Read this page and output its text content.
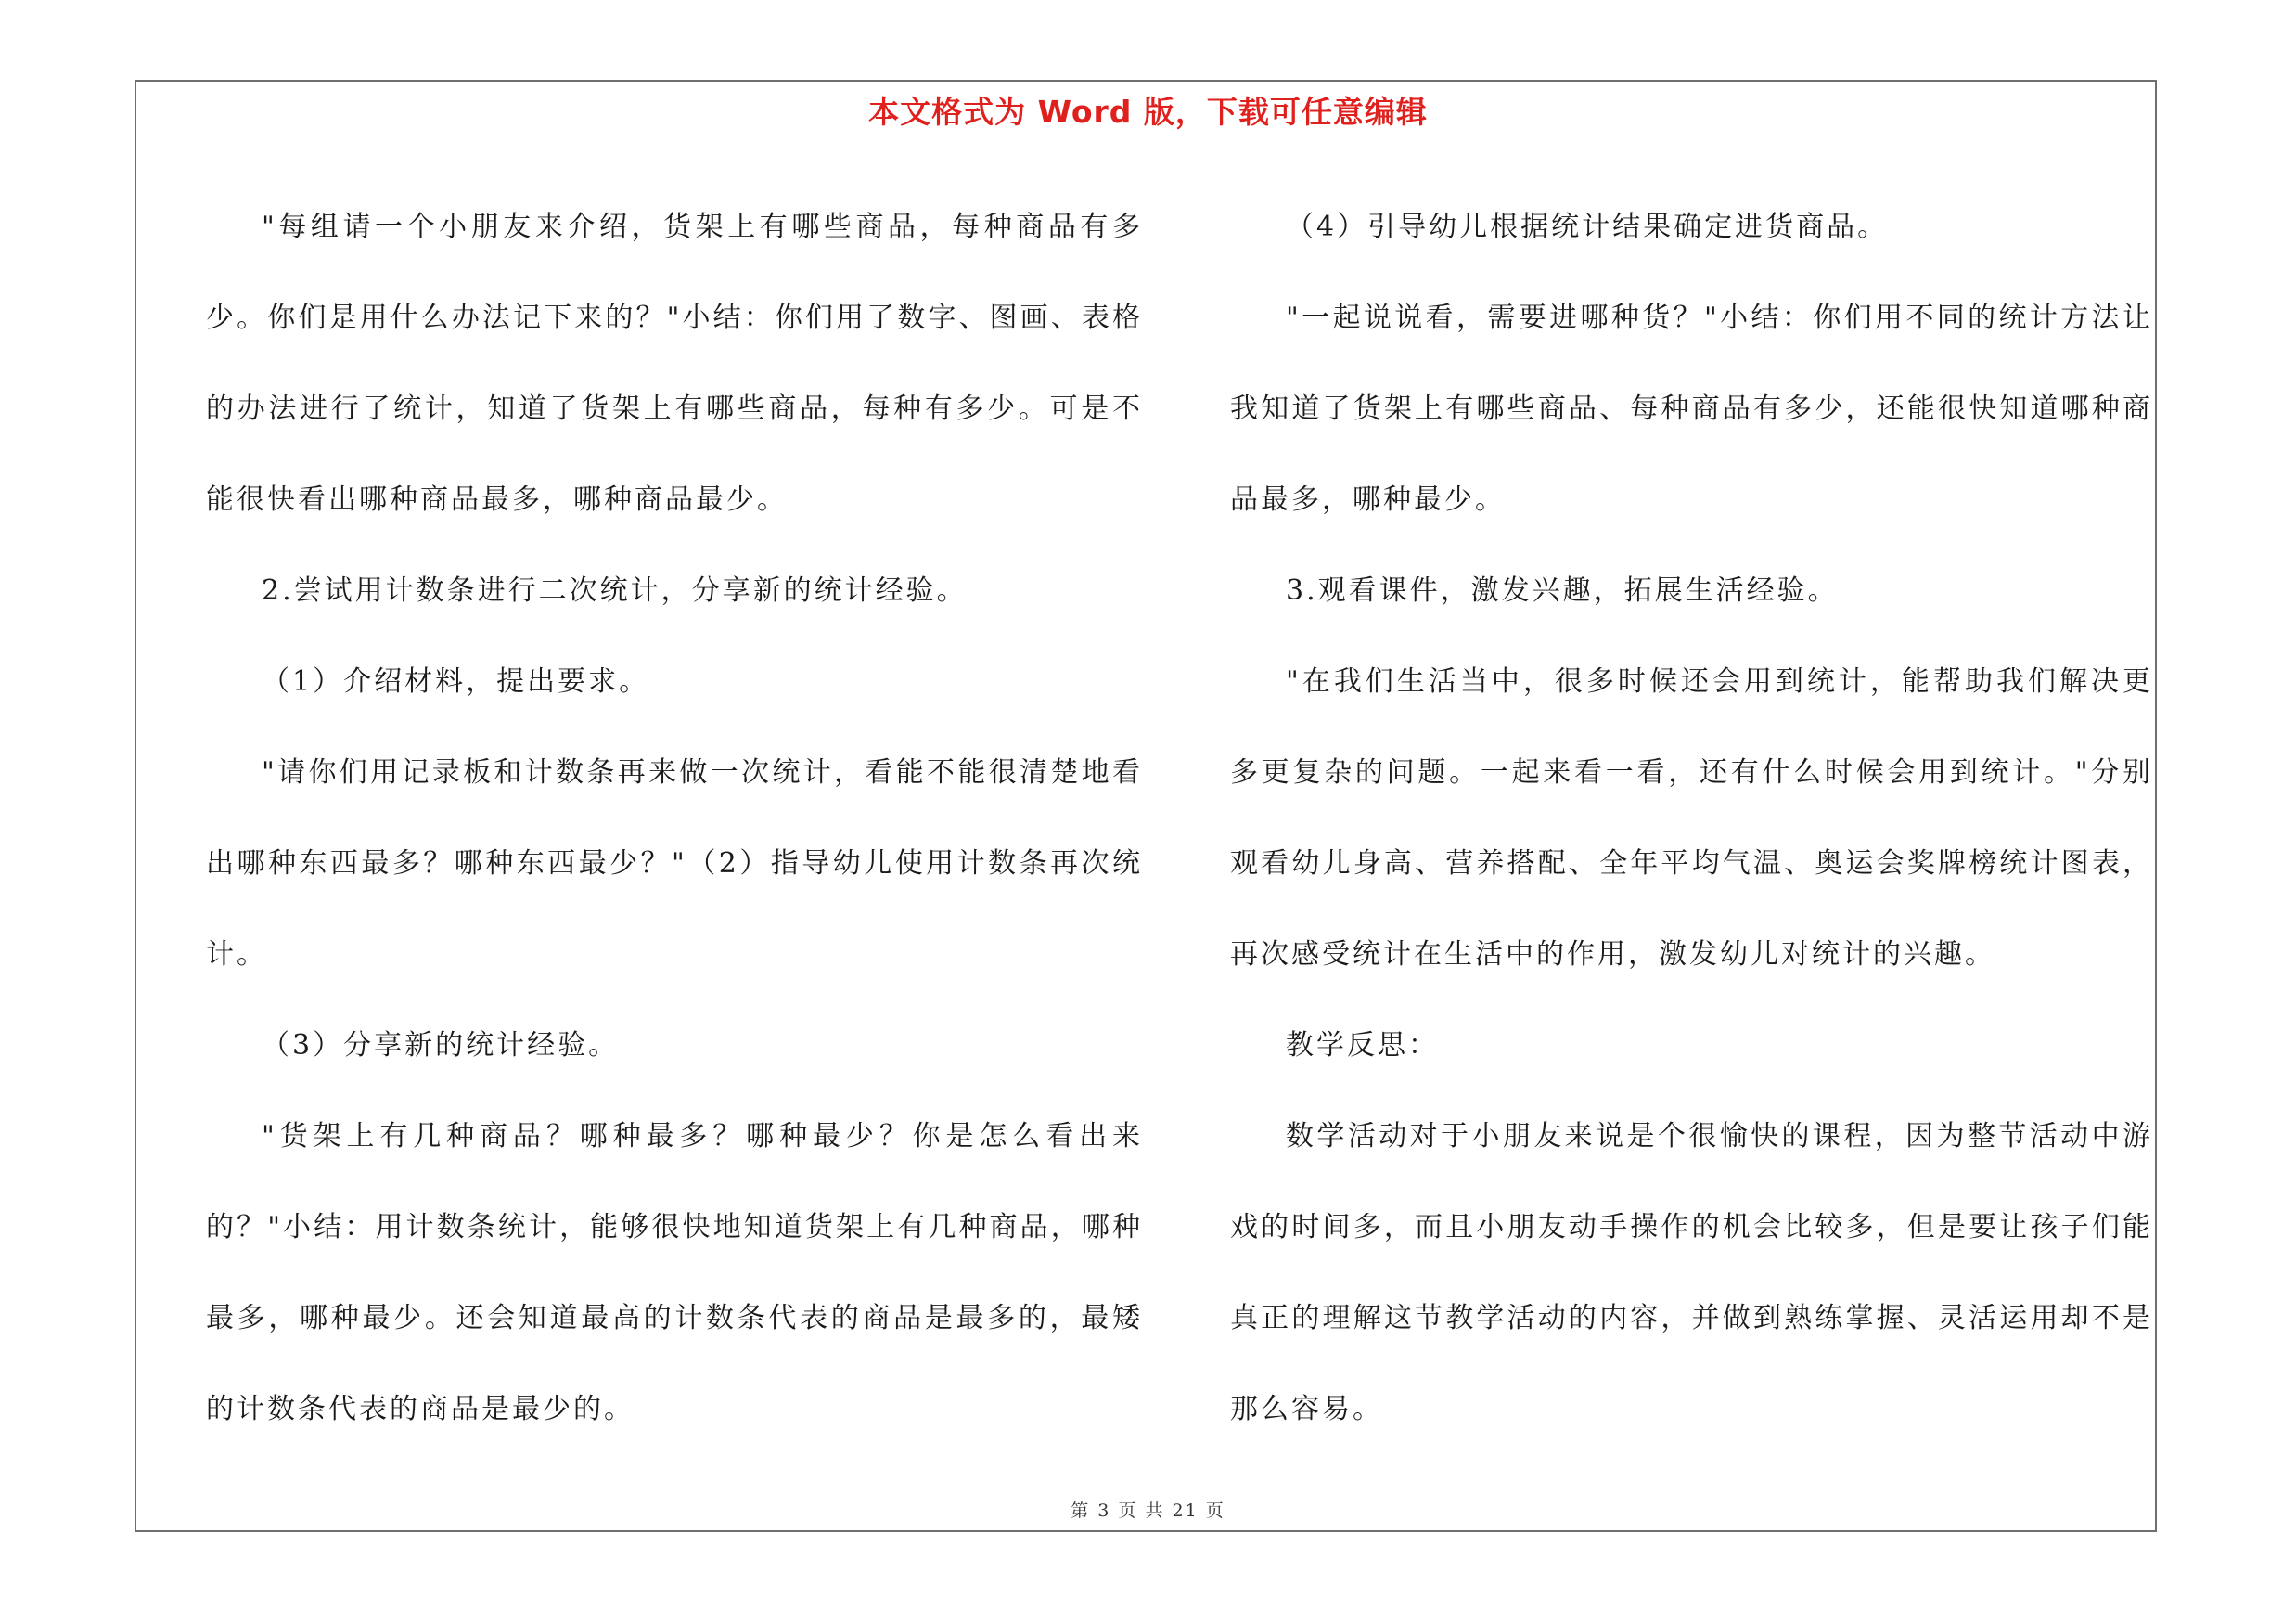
本文格式为 Word 版，下载可任意编辑

"每组请一个小朋友来介绍，货架上有哪些商品，每种商品有多少。你们是用什么办法记下来的？"小结：你们用了数字、图画、表格的办法进行了统计，知道了货架上有哪些商品，每种有多少。可是不能很快看出哪种商品最多，哪种商品最少。

2.尝试用计数条进行二次统计，分享新的统计经验。

（1）介绍材料，提出要求。

"请你们用记录板和计数条再来做一次统计，看能不能很清楚地看出哪种东西最多？哪种东西最少？"（2）指导幼儿使用计数条再次统计。

（3）分享新的统计经验。

"货架上有几种商品？哪种最多？哪种最少？你是怎么看出来的？"小结：用计数条统计，能够很快地知道货架上有几种商品，哪种最多，哪种最少。还会知道最高的计数条代表的商品是最多的，最矮的计数条代表的商品是最少的。

（4）引导幼儿根据统计结果确定进货商品。

"一起说说看，需要进哪种货？"小结：你们用不同的统计方法让我知道了货架上有哪些商品、每种商品有多少，还能很快知道哪种商品最多，哪种最少。

3.观看课件，激发兴趣，拓展生活经验。

"在我们生活当中，很多时候还会用到统计，能帮助我们解决更多更复杂的问题。一起来看一看，还有什么时候会用到统计。"分别观看幼儿身高、营养搭配、全年平均气温、奥运会奖牌榜统计图表，再次感受统计在生活中的作用，激发幼儿对统计的兴趣。

教学反思：

数学活动对于小朋友来说是个很愉快的课程，因为整节活动中游戏的时间多，而且小朋友动手操作的机会比较多，但是要让孩子们能真正的理解这节教学活动的内容，并做到熟练掌握、灵活运用却不是那么容易。

第 3 页 共 21 页
